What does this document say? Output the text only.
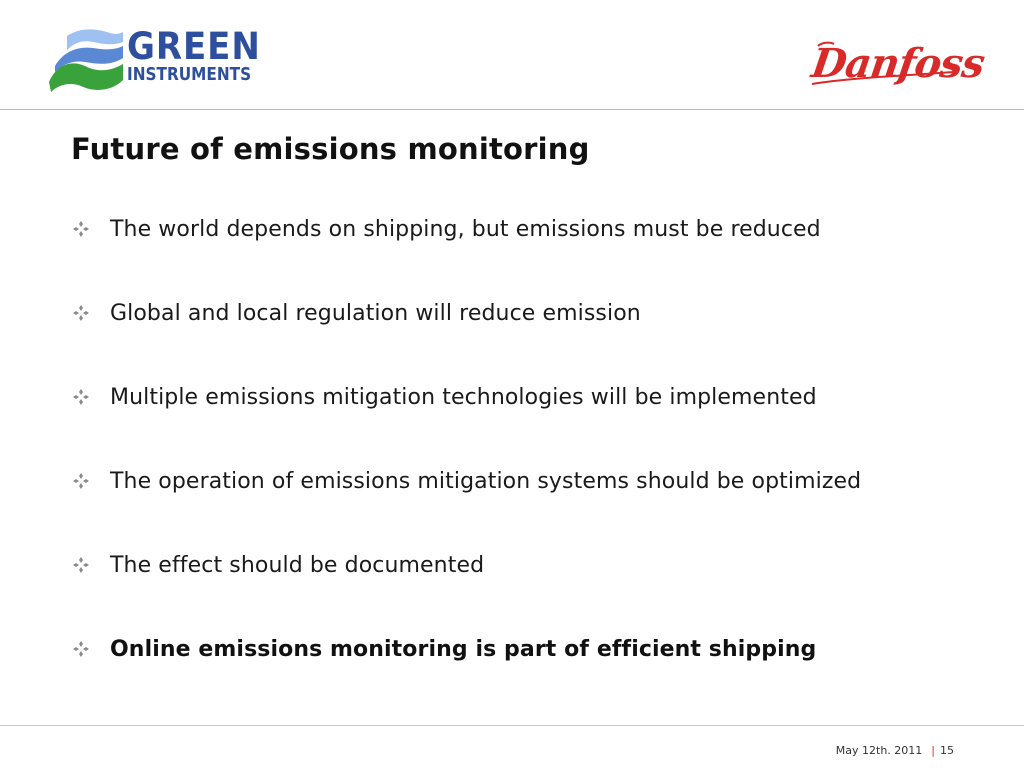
GREEN
INSTRUMENTS	Danfoss
Future of emissions monitoring
The world depends on shipping, but emissions must be reduced
Global and local regulation will reduce emission
Multiple emissions mitigation technologies will be implemented
The operation of emissions mitigation systems should be optimized
The effect should be documented
Online emissions monitoring is part of efficient shipping
May 12th. 2011 | 15
